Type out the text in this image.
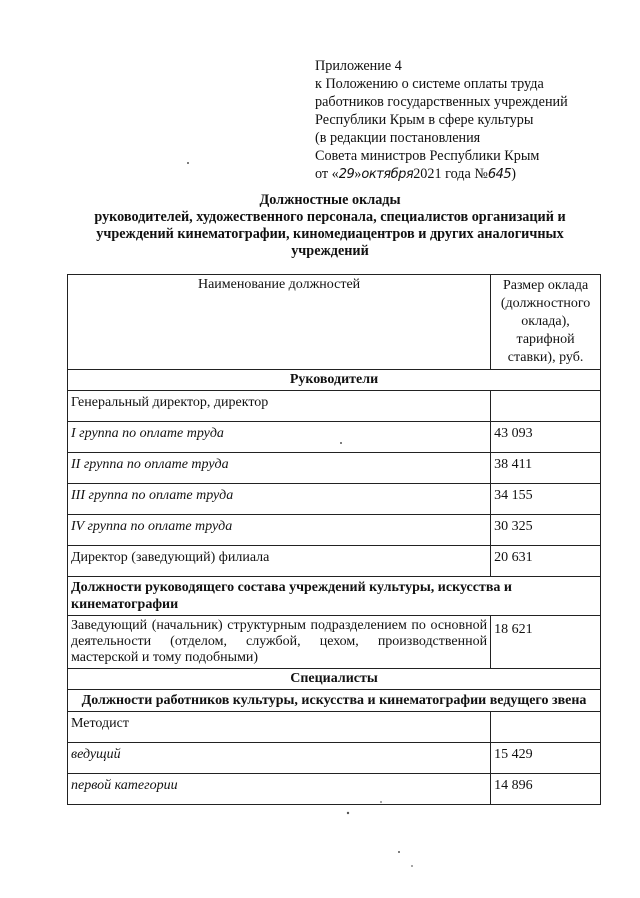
Приложение 4
к Положению о системе оплаты труда
работников государственных учреждений
Республики Крым в сфере культуры
(в редакции постановления
Совета министров Республики Крым
от «29»октября2021 года №645)
Должностные оклады
руководителей, художественного персонала, специалистов организаций и учреждений кинематографии, киномедиацентров и других аналогичных учреждений
Наименование должностей	Размер оклада
(должностного
оклада),
тарифной
ставки), руб.

Руководители	
Генеральный директор, директор	
I группа по оплате труда	43 093
II группа по оплате труда	38 411
III группа по оплате труда	34 155
IV группа по оплате труда	30 325
Директор (заведующий) филиала	20 631
Должности руководящего состава учреждений культуры, искусства и кинематографии	
Заведующий (начальник) структурным подразделением по основной деятельности (отделом, службой, цехом, производственной мастерской и тому подобными)	18 621
Специалисты	
Должности работников культуры, искусства и кинематографии ведущего звена	
Методист	
ведущий	15 429
первой категории	14 896
